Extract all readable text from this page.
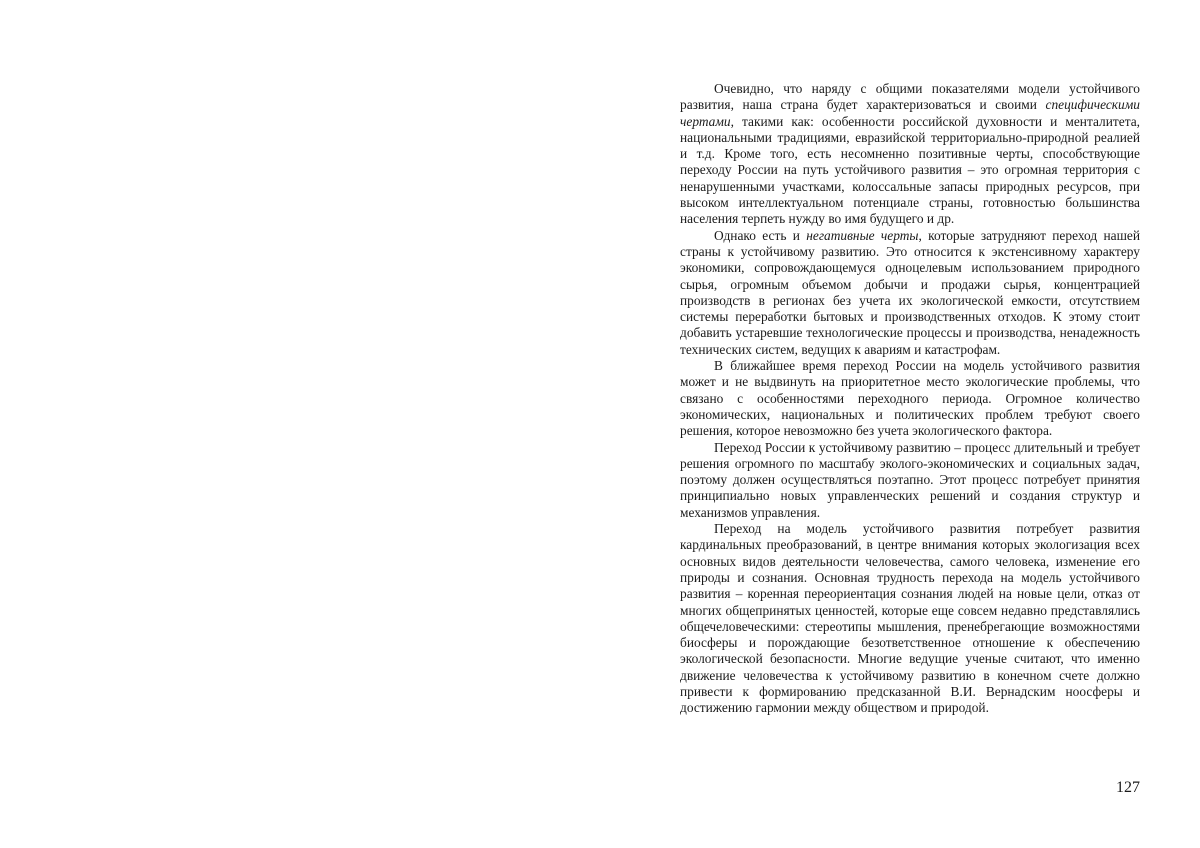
Очевидно, что наряду с общими показателями модели устойчивого развития, наша страна будет характеризоваться и своими специфическими чертами, такими как: особенности российской духовности и менталитета, национальными традициями, евразийской территориально-природной реалией и т.д. Кроме того, есть несомненно позитивные черты, способствующие переходу России на путь устойчивого развития – это огромная территория с ненарушенными участками, колоссальные запасы природных ресурсов, при высоком интеллектуальном потенциале страны, готовностью большинства населения терпеть нужду во имя будущего и др.

Однако есть и негативные черты, которые затрудняют переход нашей страны к устойчивому развитию. Это относится к экстенсивному характеру экономики, сопровождающемуся одноцелевым использованием природного сырья, огромным объемом добычи и продажи сырья, концентрацией производств в регионах без учета их экологической емкости, отсутствием системы переработки бытовых и производственных отходов. К этому стоит добавить устаревшие технологические процессы и производства, ненадежность технических систем, ведущих к авариям и катастрофам.

В ближайшее время переход России на модель устойчивого развития может и не выдвинуть на приоритетное место экологические проблемы, что связано с особенностями переходного периода. Огромное количество экономических, национальных и политических проблем требуют своего решения, которое невозможно без учета экологического фактора.

Переход России к устойчивому развитию – процесс длительный и требует решения огромного по масштабу эколого-экономических и социальных задач, поэтому должен осуществляться поэтапно. Этот процесс потребует принятия принципиально новых управленческих решений и создания структур и механизмов управления.

Переход на модель устойчивого развития потребует развития кардинальных преобразований, в центре внимания которых экологизация всех основных видов деятельности человечества, самого человека, изменение его природы и сознания. Основная трудность перехода на модель устойчивого развития – коренная переориентация сознания людей на новые цели, отказ от многих общепринятых ценностей, которые еще совсем недавно представлялись общечеловеческими: стереотипы мышления, пренебрегающие возможностями биосферы и порождающие безответственное отношение к обеспечению экологической безопасности. Многие ведущие ученые считают, что именно движение человечества к устойчивому развитию в конечном счете должно привести к формированию предсказанной В.И. Вернадским ноосферы и достижению гармонии между обществом и природой.

127
